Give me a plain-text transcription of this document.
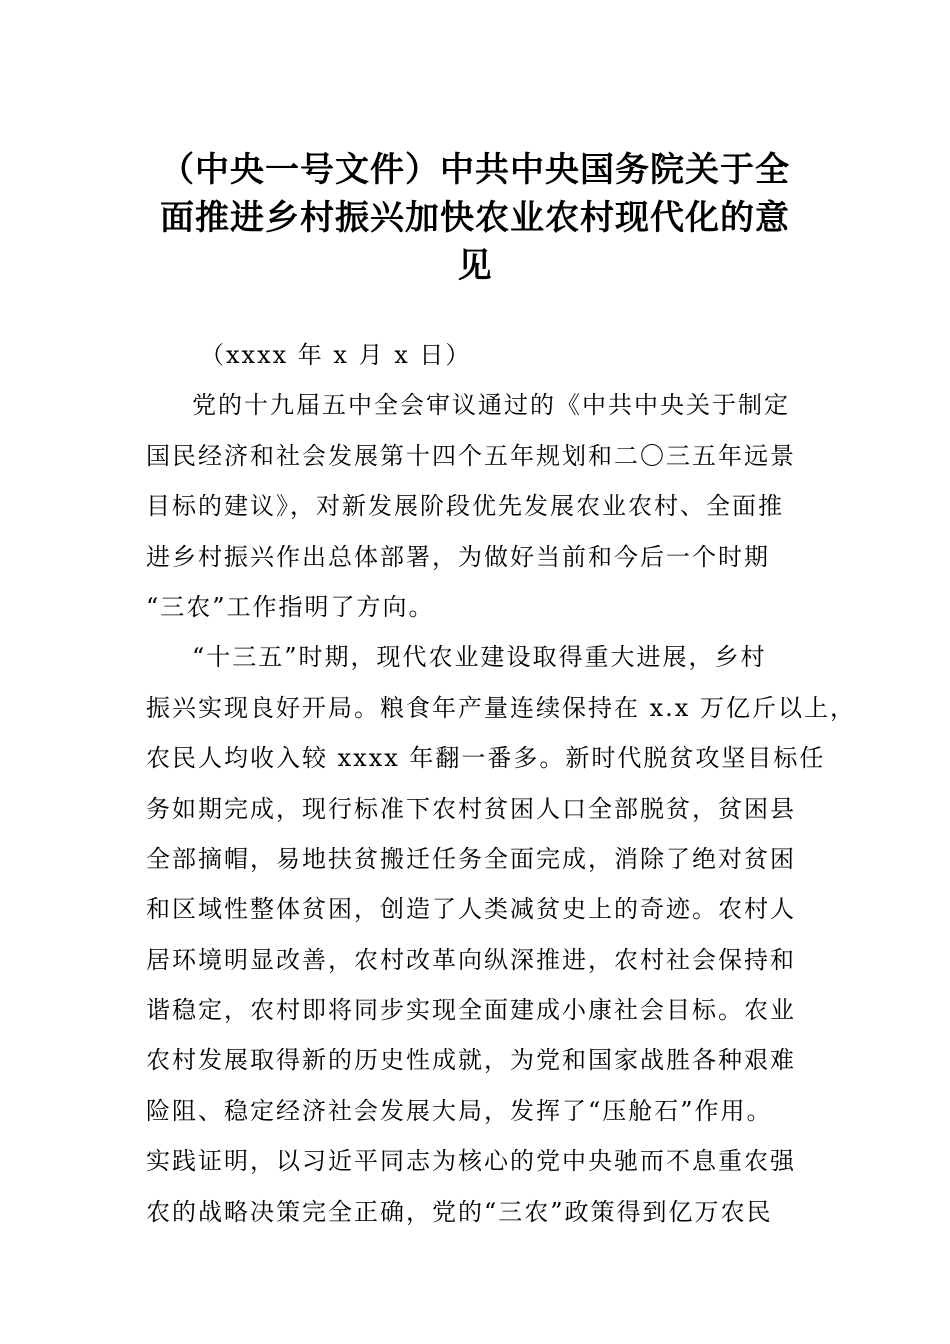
（中央一号文件）中共中央国务院关于全
面推进乡村振兴加快农业农村现代化的意
见
（xxxx 年 x 月 x 日）
党的十九届五中全会审议通过的《中共中央关于制定
国民经济和社会发展第十四个五年规划和二〇三五年远景
目标的建议》，对新发展阶段优先发展农业农村、全面推
进乡村振兴作出总体部署，为做好当前和今后一个时期
“三农”工作指明了方向。
“十三五”时期，现代农业建设取得重大进展，乡村
振兴实现良好开局。粮食年产量连续保持在 x.x 万亿斤以上，
农民人均收入较 xxxx 年翻一番多。新时代脱贫攻坚目标任
务如期完成，现行标准下农村贫困人口全部脱贫，贫困县
全部摘帽，易地扶贫搬迁任务全面完成，消除了绝对贫困
和区域性整体贫困，创造了人类减贫史上的奇迹。农村人
居环境明显改善，农村改革向纵深推进，农村社会保持和
谐稳定，农村即将同步实现全面建成小康社会目标。农业
农村发展取得新的历史性成就，为党和国家战胜各种艰难
险阻、稳定经济社会发展大局，发挥了“压舱石”作用。
实践证明，以习近平同志为核心的党中央驰而不息重农强
农的战略决策完全正确，党的“三农”政策得到亿万农民
